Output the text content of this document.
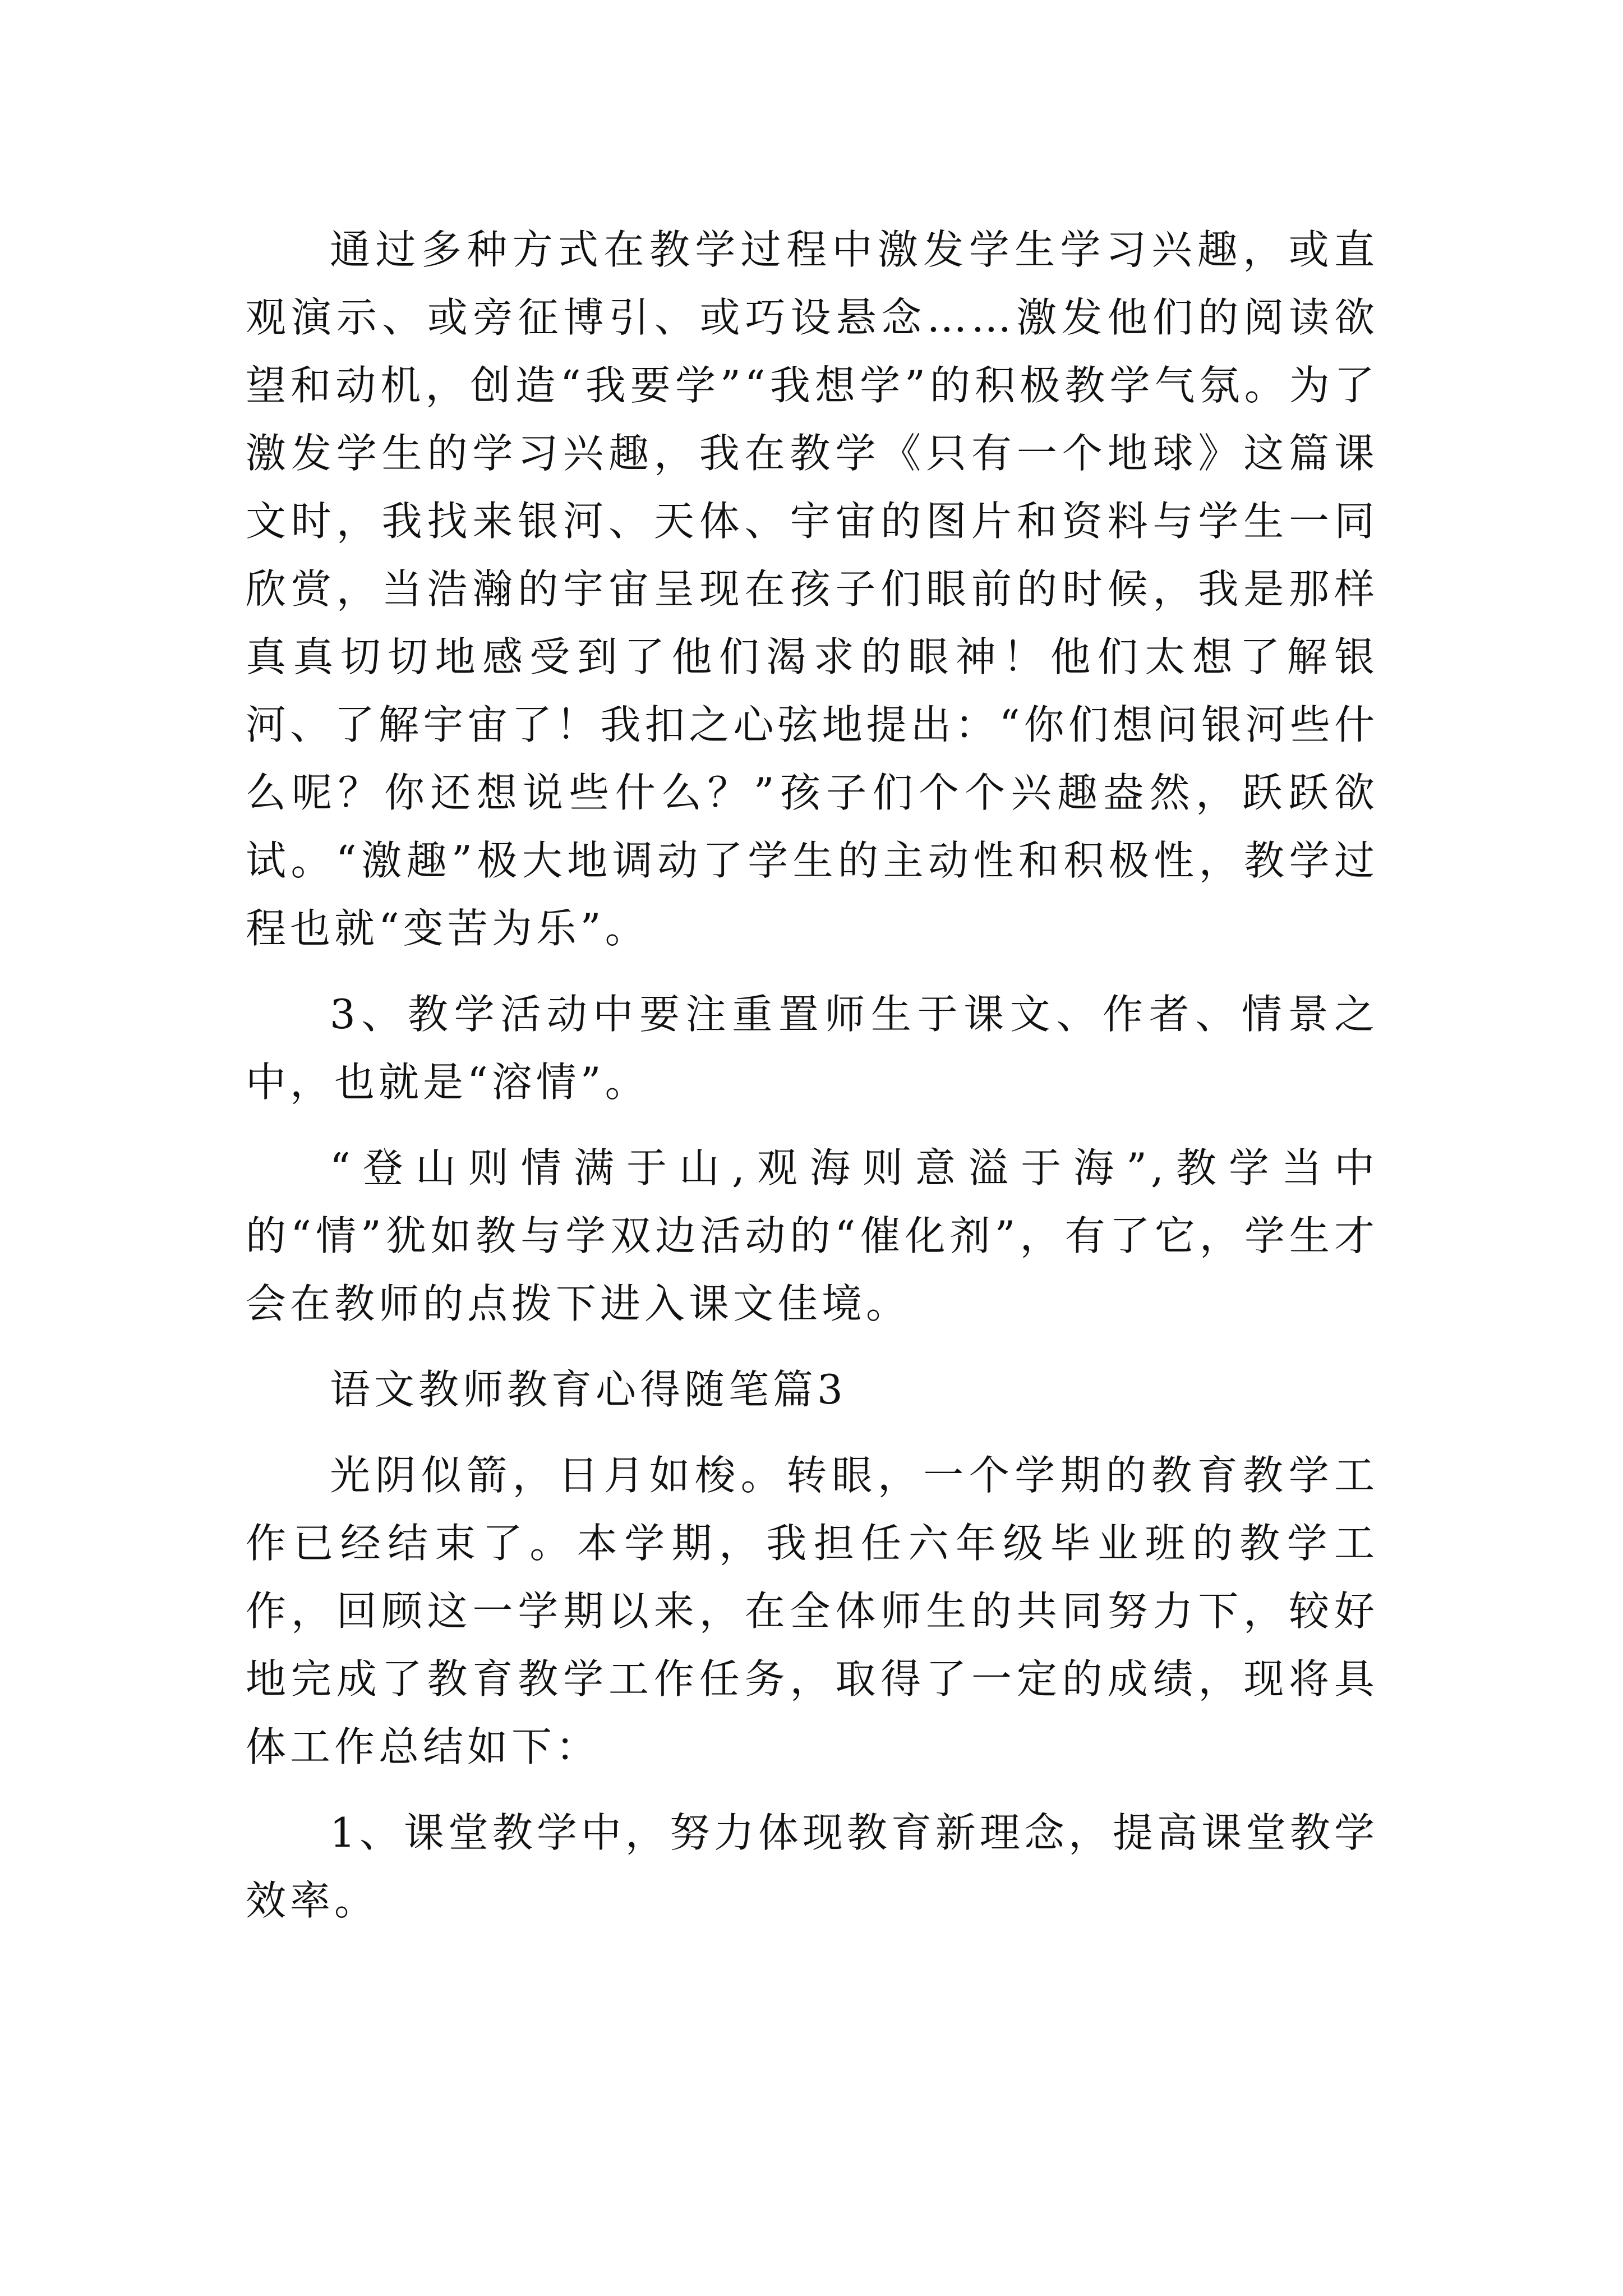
通过多种方式在教学过程中激发学生学习兴趣，或直观演示、或旁征博引、或巧设悬念……激发他们的阅读欲望和动机，创造“我要学”“我想学”的积极教学气氛。为了激发学生的学习兴趣，我在教学《只有一个地球》这篇课文时，我找来银河、天体、宇宙的图片和资料与学生一同欣赏，当浩瀚的宇宙呈现在孩子们眼前的时候，我是那样真真切切地感受到了他们渴求的眼神！他们太想了解银河、了解宇宙了！我扣之心弦地提出：“你们想问银河些什么呢？你还想说些什么？”孩子们个个兴趣盎然，跃跃欲试。“激趣”极大地调动了学生的主动性和积极性，教学过程也就“变苦为乐”。

3、教学活动中要注重置师生于课文、作者、情景之中，也就是“溶情”。

“登山则情满于山,观海则意溢于海”,教学当中的“情”犹如教与学双边活动的“催化剂”，有了它，学生才会在教师的点拨下进入课文佳境。

语文教师教育心得随笔篇3

光阴似箭，日月如梭。转眼，一个学期的教育教学工作已经结束了。本学期，我担任六年级毕业班的教学工作，回顾这一学期以来，在全体师生的共同努力下，较好地完成了教育教学工作任务，取得了一定的成绩，现将具体工作总结如下：

1、课堂教学中，努力体现教育新理念，提高课堂教学效率。
